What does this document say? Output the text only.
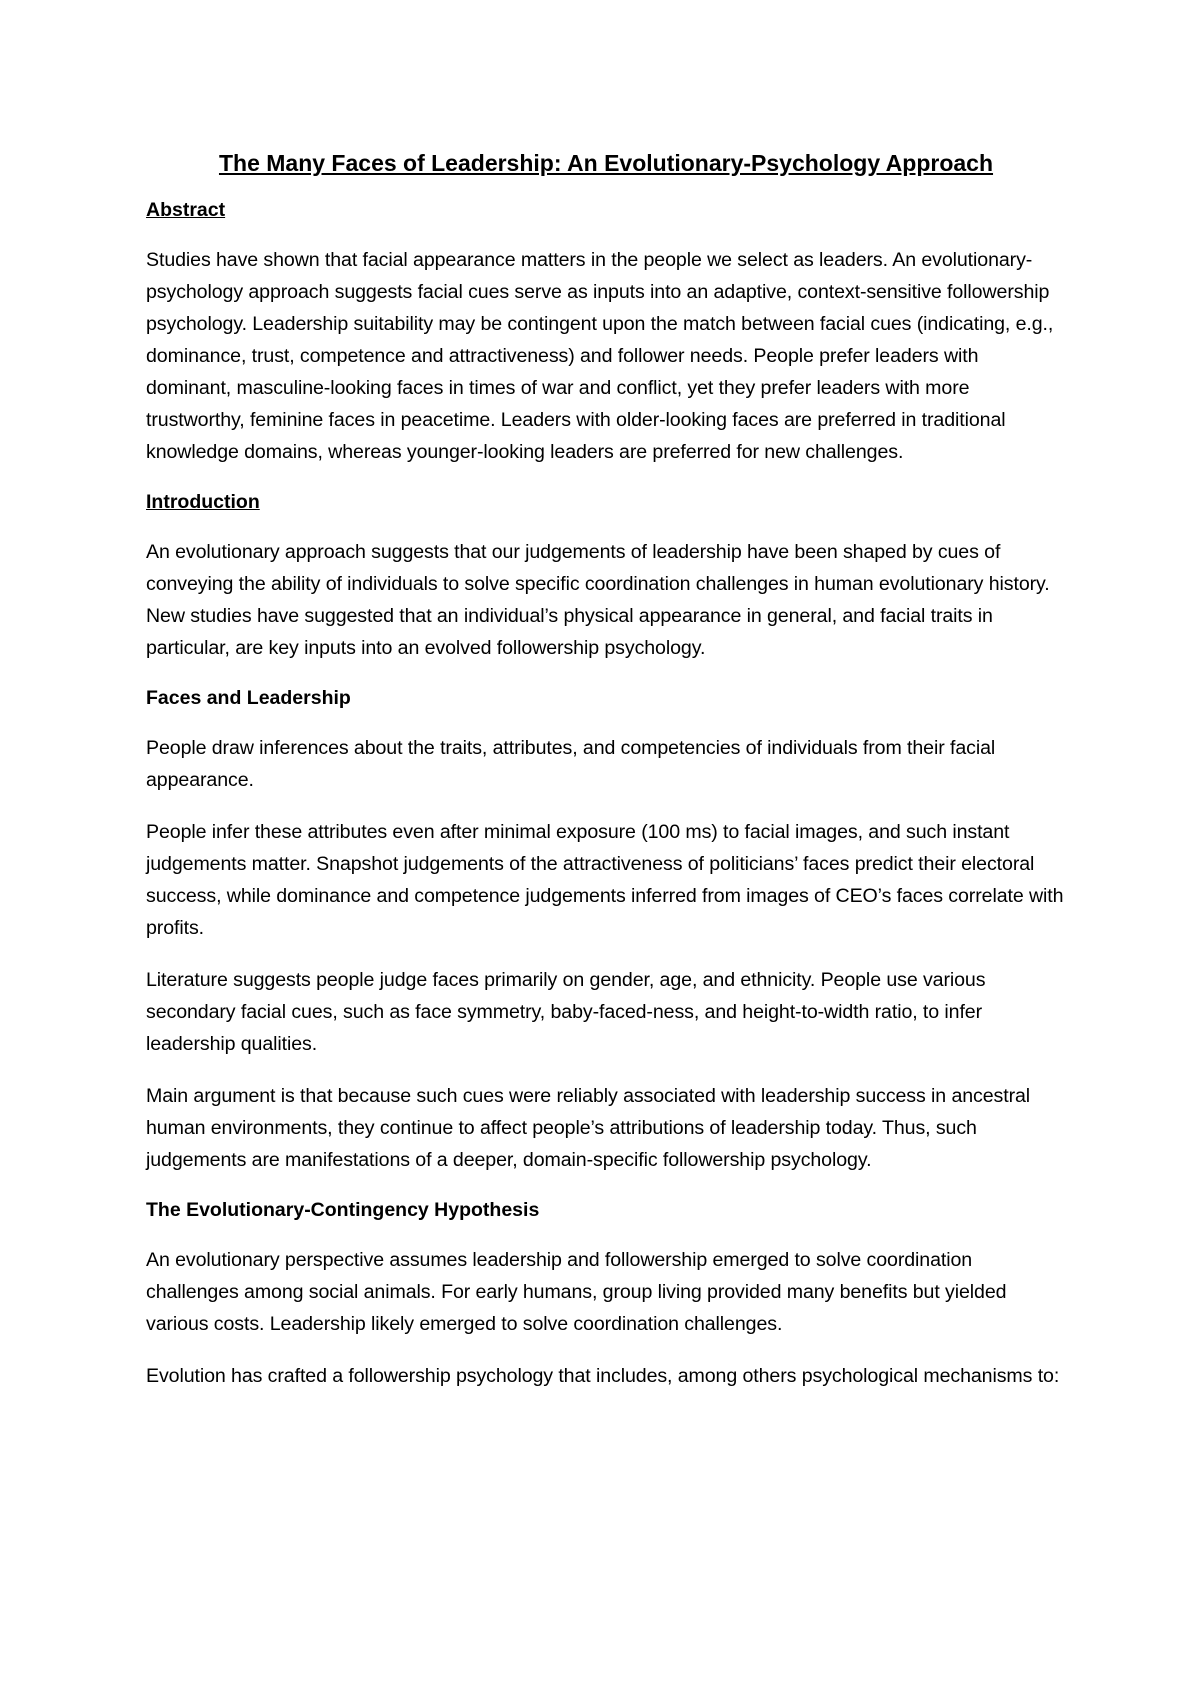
The Many Faces of Leadership: An Evolutionary-Psychology Approach
Abstract

Studies have shown that facial appearance matters in the people we select as leaders. An evolutionary-psychology approach suggests facial cues serve as inputs into an adaptive, context-sensitive followership psychology. Leadership suitability may be contingent upon the match between facial cues (indicating, e.g., dominance, trust, competence and attractiveness) and follower needs. People prefer leaders with dominant, masculine-looking faces in times of war and conflict, yet they prefer leaders with more trustworthy, feminine faces in peacetime. Leaders with older-looking faces are preferred in traditional knowledge domains, whereas younger-looking leaders are preferred for new challenges.

Introduction

An evolutionary approach suggests that our judgements of leadership have been shaped by cues of conveying the ability of individuals to solve specific coordination challenges in human evolutionary history. New studies have suggested that an individual’s physical appearance in general, and facial traits in particular, are key inputs into an evolved followership psychology.

Faces and Leadership

People draw inferences about the traits, attributes, and competencies of individuals from their facial appearance.

People infer these attributes even after minimal exposure (100 ms) to facial images, and such instant judgements matter. Snapshot judgements of the attractiveness of politicians’ faces predict their electoral success, while dominance and competence judgements inferred from images of CEO’s faces correlate with profits.

Literature suggests people judge faces primarily on gender, age, and ethnicity. People use various secondary facial cues, such as face symmetry, baby-faced-ness, and height-to-width ratio, to infer leadership qualities.

Main argument is that because such cues were reliably associated with leadership success in ancestral human environments, they continue to affect people’s attributions of leadership today. Thus, such judgements are manifestations of a deeper, domain-specific followership psychology.

The Evolutionary-Contingency Hypothesis

An evolutionary perspective assumes leadership and followership emerged to solve coordination challenges among social animals. For early humans, group living provided many benefits but yielded various costs. Leadership likely emerged to solve coordination challenges.

Evolution has crafted a followership psychology that includes, among others psychological mechanisms to:
